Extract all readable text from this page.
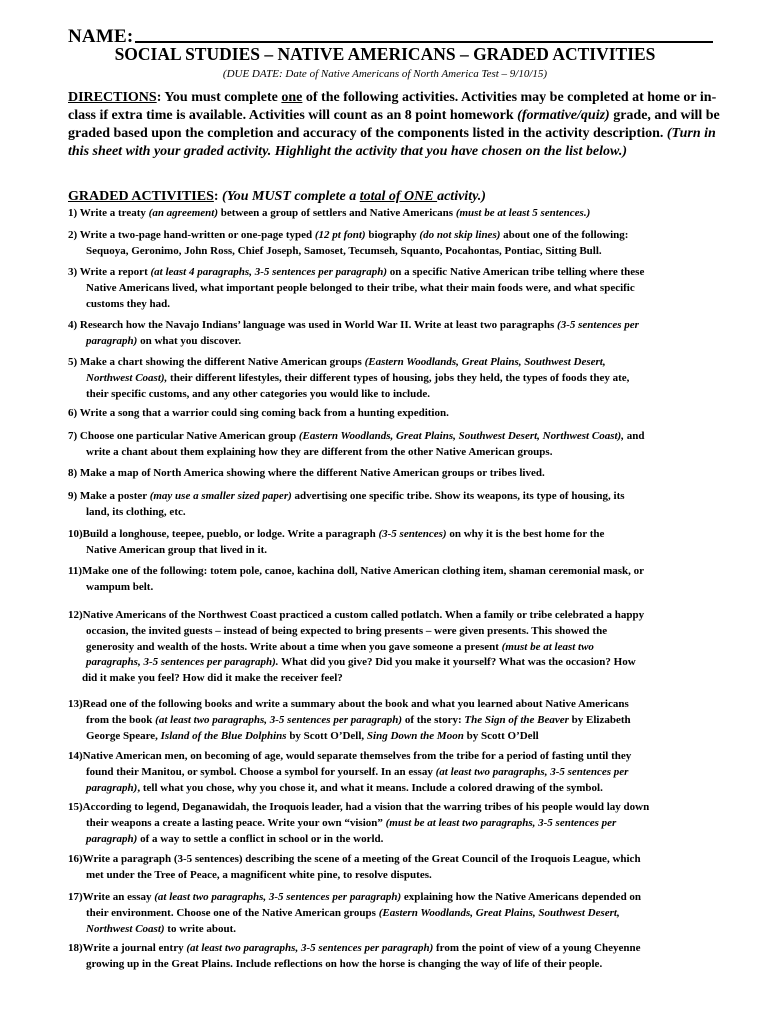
NAME:
SOCIAL STUDIES – NATIVE AMERICANS – GRADED ACTIVITIES
(DUE DATE: Date of Native Americans of North America Test – 9/10/15)
DIRECTIONS: You must complete one of the following activities. Activities may be completed at home or in-class if extra time is available. Activities will count as an 8 point homework (formative/quiz) grade, and will be graded based upon the completion and accuracy of the components listed in the activity description. (Turn in this sheet with your graded activity. Highlight the activity that you have chosen on the list below.)
GRADED ACTIVITIES: (You MUST complete a total of ONE activity.)
1) Write a treaty (an agreement) between a group of settlers and Native Americans (must be at least 5 sentences.)
2) Write a two-page hand-written or one-page typed (12 pt font) biography (do not skip lines) about one of the following:
Sequoya, Geronimo, John Ross, Chief Joseph, Samoset, Tecumseh, Squanto, Pocahontas, Pontiac, Sitting Bull.
3) Write a report (at least 4 paragraphs, 3-5 sentences per paragraph) on a specific Native American tribe telling where these
Native Americans lived, what important people belonged to their tribe, what their main foods were, and what specific
customs they had.
4) Research how the Navajo Indians’ language was used in World War II. Write at least two paragraphs (3-5 sentences per
paragraph) on what you discover.
5) Make a chart showing the different Native American groups (Eastern Woodlands, Great Plains, Southwest Desert,
Northwest Coast), their different lifestyles, their different types of housing, jobs they held, the types of foods they ate,
their specific customs, and any other categories you would like to include.
6) Write a song that a warrior could sing coming back from a hunting expedition.
7) Choose one particular Native American group (Eastern Woodlands, Great Plains, Southwest Desert, Northwest Coast), and
write a chant about them explaining how they are different from the other Native American groups.
8) Make a map of North America showing where the different Native American groups or tribes lived.
9) Make a poster (may use a smaller sized paper) advertising one specific tribe. Show its weapons, its type of housing, its
land, its clothing, etc.
10)Build a longhouse, teepee, pueblo, or lodge. Write a paragraph (3-5 sentences) on why it is the best home for the
Native American group that lived in it.
11)Make one of the following: totem pole, canoe, kachina doll, Native American clothing item, shaman ceremonial mask, or
wampum belt.
12)Native Americans of the Northwest Coast practiced a custom called potlatch. When a family or tribe celebrated a happy
occasion, the invited guests – instead of being expected to bring presents – were given presents. This showed the
generosity and wealth of the hosts. Write about a time when you gave someone a present (must be at least two
paragraphs, 3-5 sentences per paragraph). What did you give? Did you make it yourself? What was the occasion? How
did it make you feel? How did it make the receiver feel?
13)Read one of the following books and write a summary about the book and what you learned about Native Americans
from the book (at least two paragraphs, 3-5 sentences per paragraph) of the story: The Sign of the Beaver by Elizabeth
George Speare, Island of the Blue Dolphins by Scott O’Dell, Sing Down the Moon by Scott O’Dell
14)Native American men, on becoming of age, would separate themselves from the tribe for a period of fasting until they
found their Manitou, or symbol. Choose a symbol for yourself. In an essay (at least two paragraphs, 3-5 sentences per
paragraph), tell what you chose, why you chose it, and what it means. Include a colored drawing of the symbol.
15)According to legend, Deganawidah, the Iroquois leader, had a vision that the warring tribes of his people would lay down
their weapons a create a lasting peace. Write your own “vision” (must be at least two paragraphs, 3-5 sentences per
paragraph) of a way to settle a conflict in school or in the world.
16)Write a paragraph (3-5 sentences) describing the scene of a meeting of the Great Council of the Iroquois League, which
met under the Tree of Peace, a magnificent white pine, to resolve disputes.
17)Write an essay (at least two paragraphs, 3-5 sentences per paragraph) explaining how the Native Americans depended on
their environment. Choose one of the Native American groups (Eastern Woodlands, Great Plains, Southwest Desert,
Northwest Coast) to write about.
18)Write a journal entry (at least two paragraphs, 3-5 sentences per paragraph) from the point of view of a young Cheyenne
growing up in the Great Plains. Include reflections on how the horse is changing the way of life of their people.
